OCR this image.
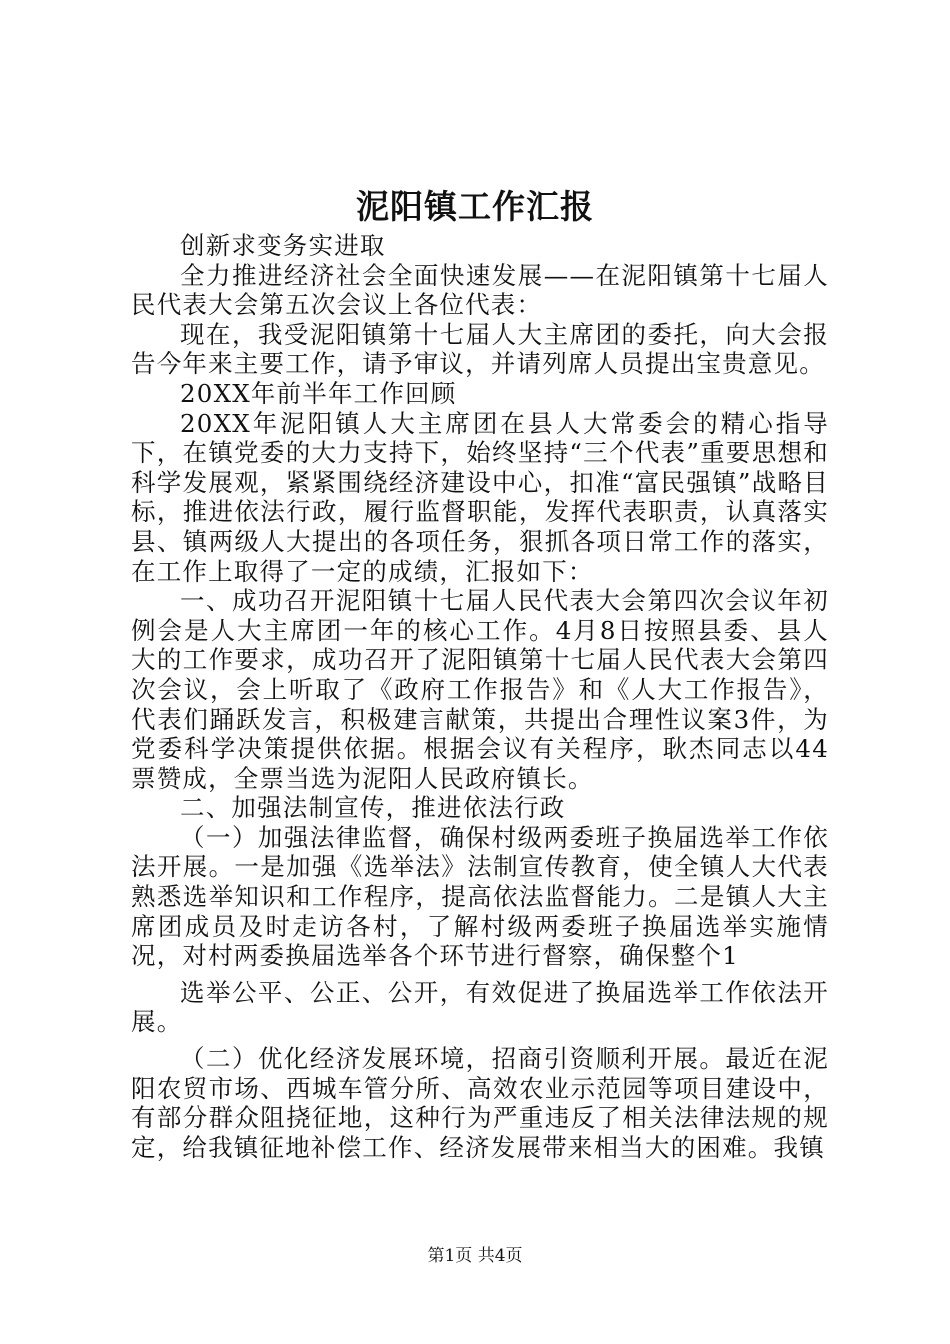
泥阳镇工作汇报

创新求变务实进取

全力推进经济社会全面快速发展——在泥阳镇第十七届人民代表大会第五次会议上各位代表：

现在，我受泥阳镇第十七届人大主席团的委托，向大会报告今年来主要工作，请予审议，并请列席人员提出宝贵意见。

20XX年前半年工作回顾

20XX年泥阳镇人大主席团在县人大常委会的精心指导下，在镇党委的大力支持下，始终坚持“三个代表”重要思想和科学发展观，紧紧围绕经济建设中心，扣准“富民强镇”战略目标，推进依法行政，履行监督职能，发挥代表职责，认真落实县、镇两级人大提出的各项任务，狠抓各项日常工作的落实，在工作上取得了一定的成绩，汇报如下：

一、成功召开泥阳镇十七届人民代表大会第四次会议年初例会是人大主席团一年的核心工作。4月8日按照县委、县人大的工作要求，成功召开了泥阳镇第十七届人民代表大会第四次会议，会上听取了《政府工作报告》和《人大工作报告》，代表们踊跃发言，积极建言献策，共提出合理性议案3件，为党委科学决策提供依据。根据会议有关程序，耿杰同志以44票赞成，全票当选为泥阳人民政府镇长。

二、加强法制宣传，推进依法行政

（一）加强法律监督，确保村级两委班子换届选举工作依法开展。一是加强《选举法》法制宣传教育，使全镇人大代表熟悉选举知识和工作程序，提高依法监督能力。二是镇人大主席团成员及时走访各村，了解村级两委班子换届选举实施情况，对村两委换届选举各个环节进行督察，确保整个1

选举公平、公正、公开，有效促进了换届选举工作依法开展。

（二）优化经济发展环境，招商引资顺利开展。最近在泥阳农贸市场、西城车管分所、高效农业示范园等项目建设中，有部分群众阻挠征地，这种行为严重违反了相关法律法规的规定，给我镇征地补偿工作、经济发展带来相当大的困难。我镇

第1页 共4页
